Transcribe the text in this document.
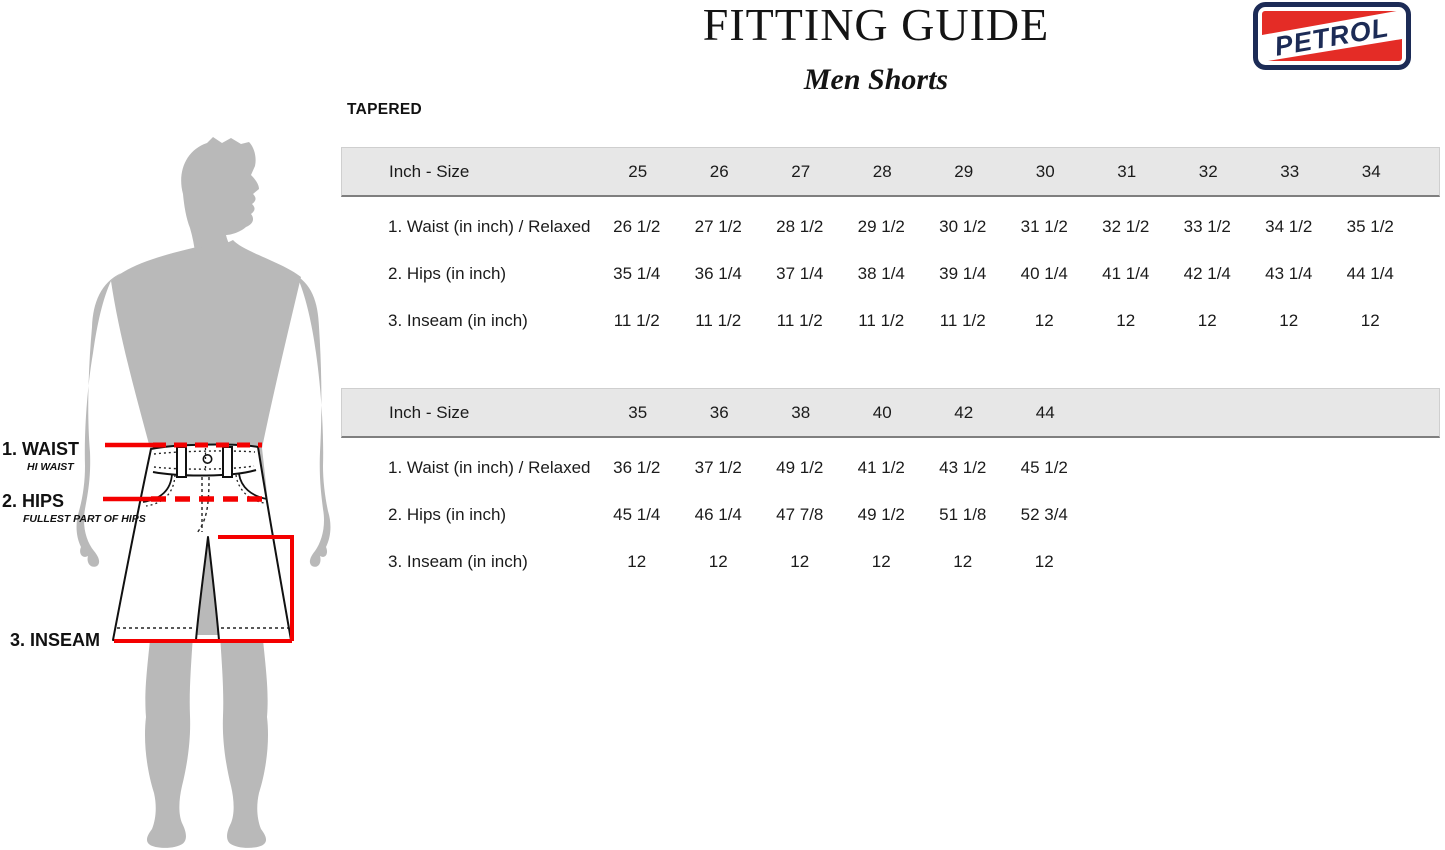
FITTING GUIDE
Men Shorts
PETROL
TAPERED
1. WAIST
HI WAIST
2. HIPS
FULLEST PART OF HIPS
3. INSEAM
Inch - Size	25	26	27	28	29	30	31	32	33	34
1. Waist (in inch) / Relaxed	26 1/2	27 1/2	28 1/2	29 1/2	30 1/2	31 1/2	32 1/2	33 1/2	34 1/2	35 1/2
2. Hips (in inch)	35 1/4	36 1/4	37 1/4	38 1/4	39 1/4	40 1/4	41 1/4	42 1/4	43 1/4	44 1/4
3. Inseam (in inch)	11 1/2	11 1/2	11 1/2	11 1/2	11 1/2	12	12	12	12	12
Inch - Size	35	36	38	40	42	44
1. Waist (in inch) / Relaxed	36 1/2	37 1/2	49 1/2	41 1/2	43 1/2	45 1/2
2. Hips (in inch)	45 1/4	46 1/4	47 7/8	49 1/2	51 1/8	52 3/4
3. Inseam (in inch)	12	12	12	12	12	12
